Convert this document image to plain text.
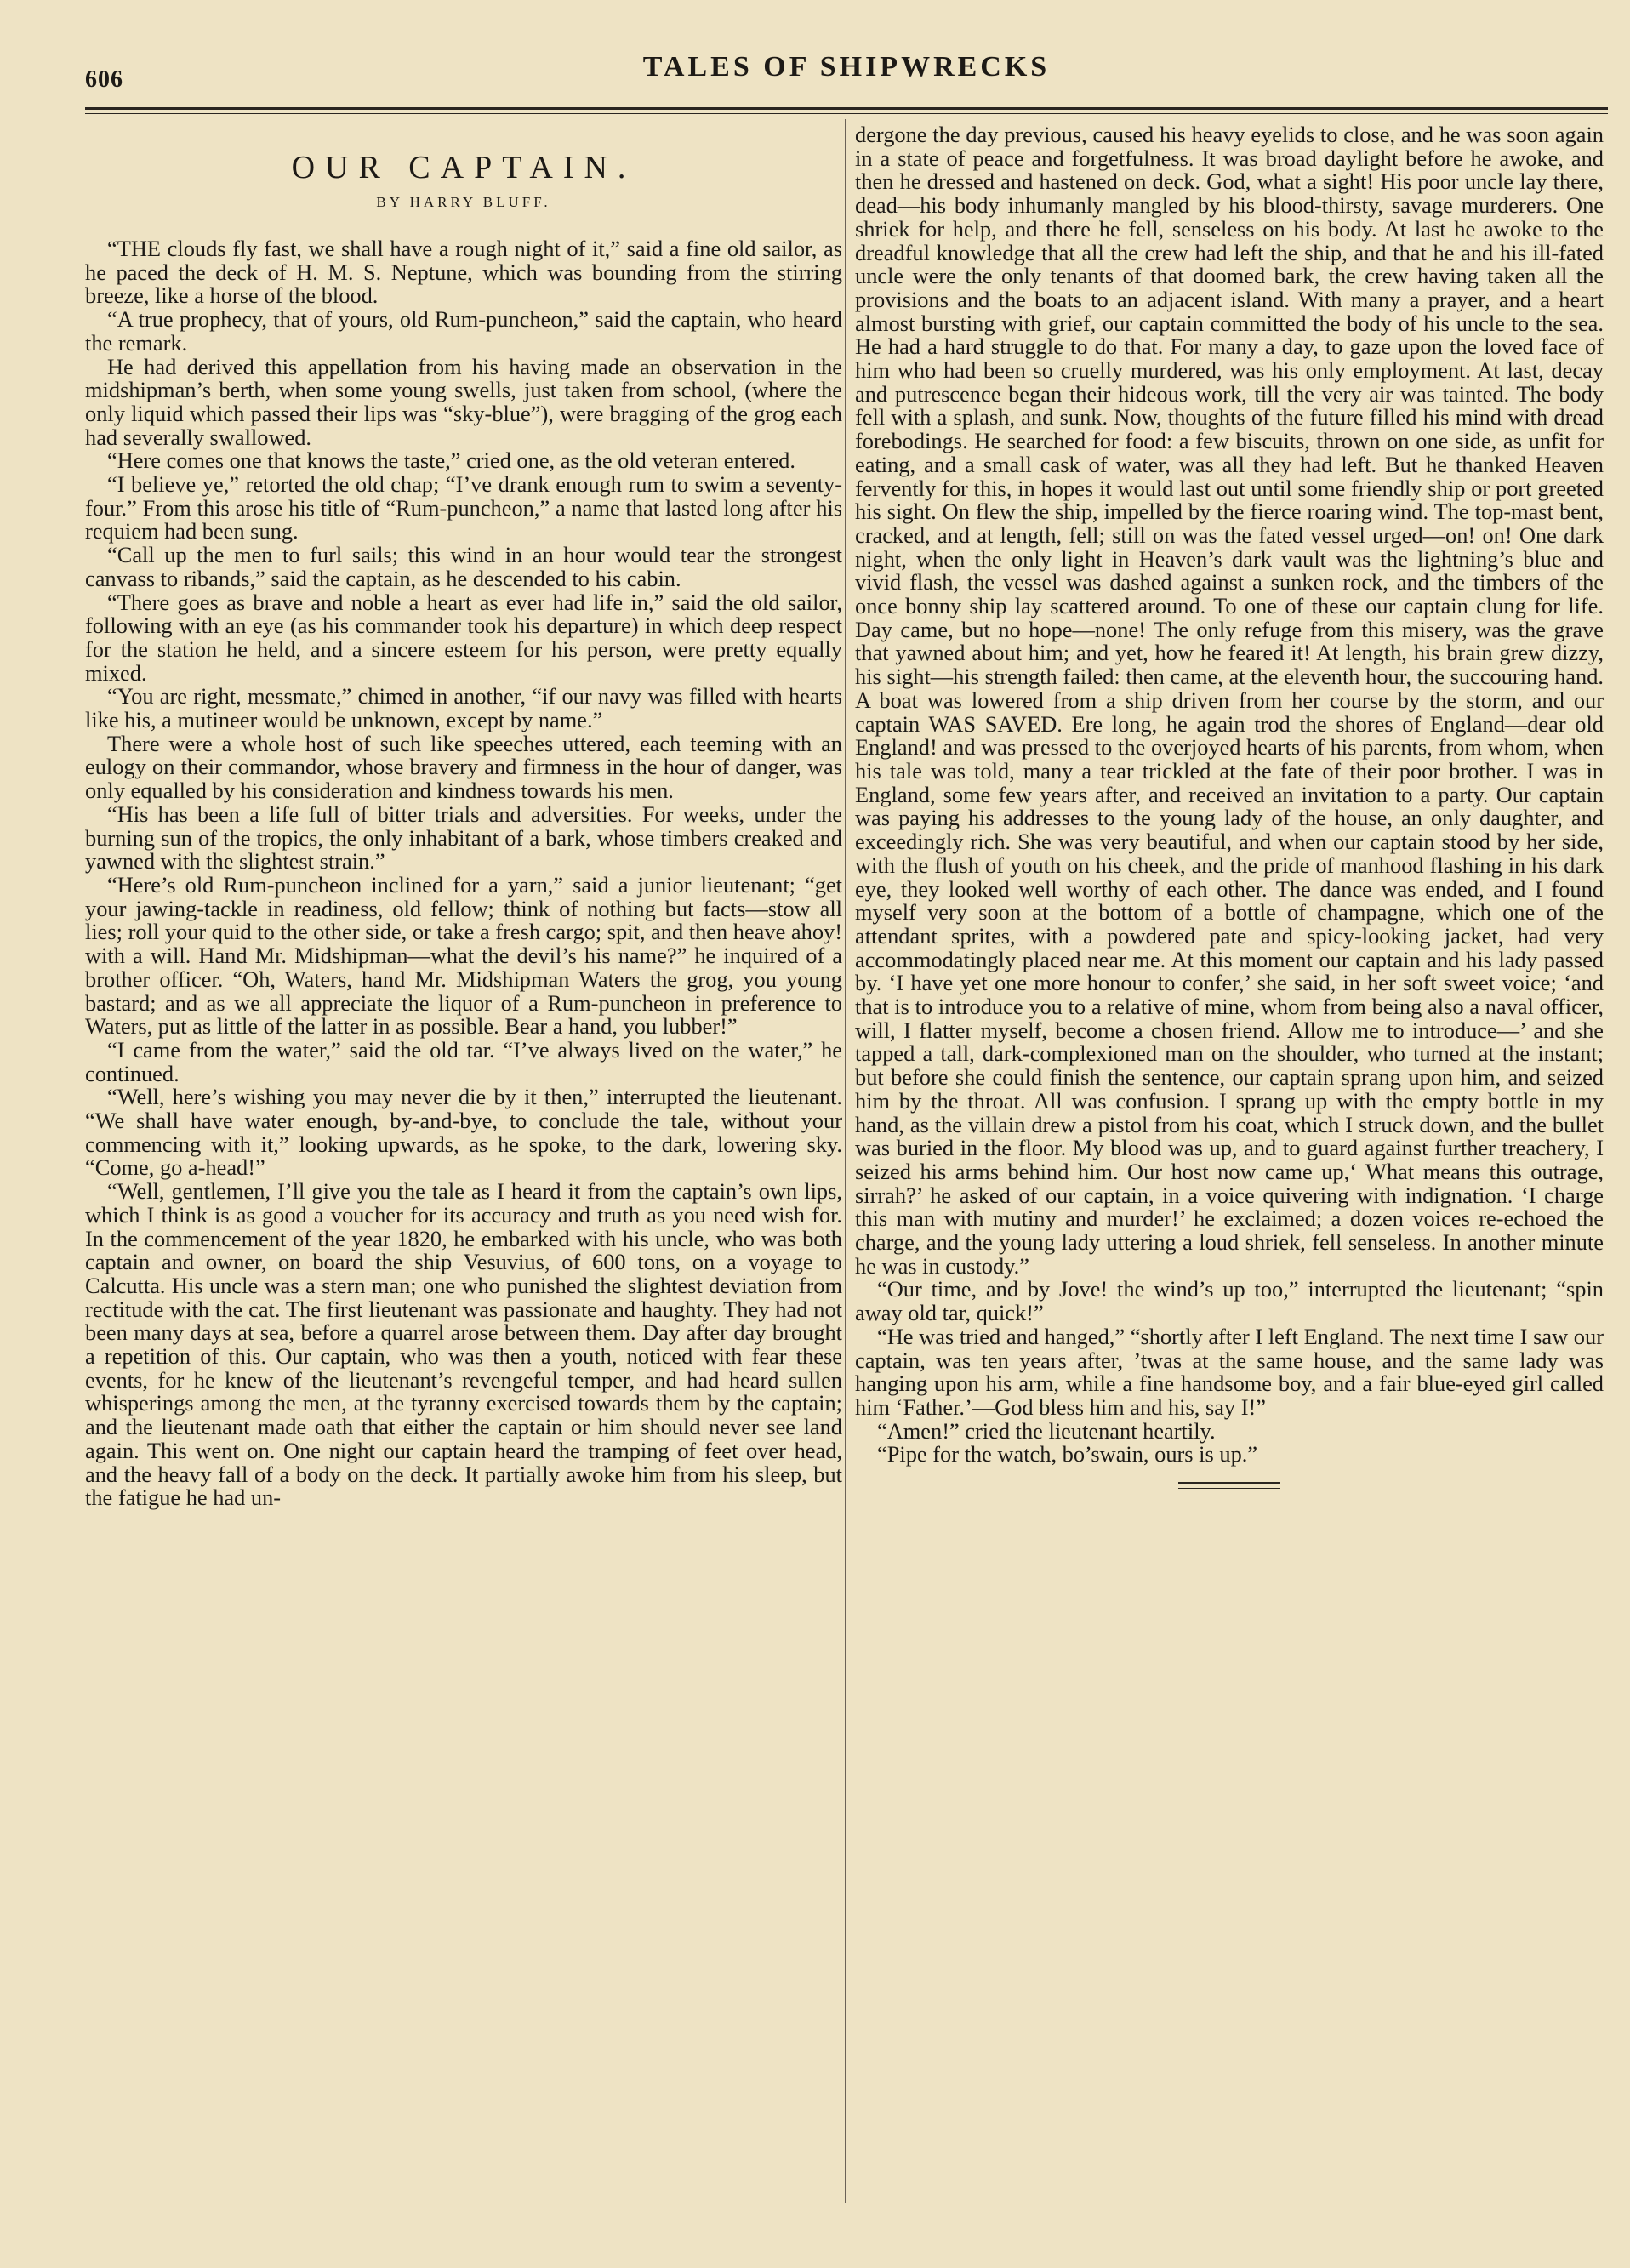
606	TALES OF SHIPWRECKS
OUR CAPTAIN.
BY HARRY BLUFF.

“THE clouds fly fast, we shall have a rough night of it,” said a fine old sailor, as he paced the deck of H. M. S. Neptune, which was bounding from the stirring breeze, like a horse of the blood.

“A true prophecy, that of yours, old Rum-puncheon,” said the captain, who heard the remark.

He had derived this appellation from his having made an observation in the midshipman’s berth, when some young swells, just taken from school, (where the only liquid which passed their lips was “sky-blue”), were bragging of the grog each had severally swallowed.

“Here comes one that knows the taste,” cried one, as the old veteran entered.

“I believe ye,” retorted the old chap; “I’ve drank enough rum to swim a seventy-four.” From this arose his title of “Rum-puncheon,” a name that lasted long after his requiem had been sung.

“Call up the men to furl sails; this wind in an hour would tear the strongest canvass to ribands,” said the captain, as he descended to his cabin.

“There goes as brave and noble a heart as ever had life in,” said the old sailor, following with an eye (as his commander took his departure) in which deep respect for the station he held, and a sincere esteem for his person, were pretty equally mixed.

“You are right, messmate,” chimed in another, “if our navy was filled with hearts like his, a mutineer would be unknown, except by name.”

There were a whole host of such like speeches uttered, each teeming with an eulogy on their commandor, whose bravery and firmness in the hour of danger, was only equalled by his consideration and kindness towards his men.

“His has been a life full of bitter trials and adversities. For weeks, under the burning sun of the tropics, the only inhabitant of a bark, whose timbers creaked and yawned with the slightest strain.”

“Here’s old Rum-puncheon inclined for a yarn,” said a junior lieutenant; “get your jawing-tackle in readiness, old fellow; think of nothing but facts—stow all lies; roll your quid to the other side, or take a fresh cargo; spit, and then heave ahoy! with a will. Hand Mr. Midshipman—what the devil’s his name?” he inquired of a brother officer. “Oh, Waters, hand Mr. Midshipman Waters the grog, you young bastard; and as we all appreciate the liquor of a Rum-puncheon in preference to Waters, put as little of the latter in as possible. Bear a hand, you lubber!”

“I came from the water,” said the old tar. “I’ve always lived on the water,” he continued.

“Well, here’s wishing you may never die by it then,” interrupted the lieutenant. “We shall have water enough, by-and-bye, to conclude the tale, without your commencing with it,” looking upwards, as he spoke, to the dark, lowering sky. “Come, go a-head!”

“Well, gentlemen, I’ll give you the tale as I heard it from the captain’s own lips, which I think is as good a voucher for its accuracy and truth as you need wish for. In the commencement of the year 1820, he embarked with his uncle, who was both captain and owner, on board the ship Vesuvius, of 600 tons, on a voyage to Calcutta. His uncle was a stern man; one who punished the slightest deviation from rectitude with the cat. The first lieutenant was passionate and haughty. They had not been many days at sea, before a quarrel arose between them. Day after day brought a repetition of this. Our captain, who was then a youth, noticed with fear these events, for he knew of the lieutenant’s revengeful temper, and had heard sullen whisperings among the men, at the tyranny exercised towards them by the captain; and the lieutenant made oath that either the captain or him should never see land again. This went on. One night our captain heard the tramping of feet over head, and the heavy fall of a body on the deck. It partially awoke him from his sleep, but the fatigue he had un-

dergone the day previous, caused his heavy eyelids to close, and he was soon again in a state of peace and forgetfulness. It was broad daylight before he awoke, and then he dressed and hastened on deck. God, what a sight! His poor uncle lay there, dead—his body inhumanly mangled by his blood-thirsty, savage murderers. One shriek for help, and there he fell, senseless on his body. At last he awoke to the dreadful knowledge that all the crew had left the ship, and that he and his ill-fated uncle were the only tenants of that doomed bark, the crew having taken all the provisions and the boats to an adjacent island. With many a prayer, and a heart almost bursting with grief, our captain committed the body of his uncle to the sea. He had a hard struggle to do that. For many a day, to gaze upon the loved face of him who had been so cruelly murdered, was his only employment. At last, decay and putrescence began their hideous work, till the very air was tainted. The body fell with a splash, and sunk. Now, thoughts of the future filled his mind with dread forebodings. He searched for food: a few biscuits, thrown on one side, as unfit for eating, and a small cask of water, was all they had left. But he thanked Heaven fervently for this, in hopes it would last out until some friendly ship or port greeted his sight. On flew the ship, impelled by the fierce roaring wind. The top-mast bent, cracked, and at length, fell; still on was the fated vessel urged—on! on! One dark night, when the only light in Heaven’s dark vault was the lightning’s blue and vivid flash, the vessel was dashed against a sunken rock, and the timbers of the once bonny ship lay scattered around. To one of these our captain clung for life. Day came, but no hope—none! The only refuge from this misery, was the grave that yawned about him; and yet, how he feared it! At length, his brain grew dizzy, his sight—his strength failed: then came, at the eleventh hour, the succouring hand. A boat was lowered from a ship driven from her course by the storm, and our captain WAS SAVED. Ere long, he again trod the shores of England—dear old England! and was pressed to the overjoyed hearts of his parents, from whom, when his tale was told, many a tear trickled at the fate of their poor brother. I was in England, some few years after, and received an invitation to a party. Our captain was paying his addresses to the young lady of the house, an only daughter, and exceedingly rich. She was very beautiful, and when our captain stood by her side, with the flush of youth on his cheek, and the pride of manhood flashing in his dark eye, they looked well worthy of each other. The dance was ended, and I found myself very soon at the bottom of a bottle of champagne, which one of the attendant sprites, with a powdered pate and spicy-looking jacket, had very accommodatingly placed near me. At this moment our captain and his lady passed by. ‘I have yet one more honour to confer,’ she said, in her soft sweet voice; ‘and that is to introduce you to a relative of mine, whom from being also a naval officer, will, I flatter myself, become a chosen friend. Allow me to introduce—’ and she tapped a tall, dark-complexioned man on the shoulder, who turned at the instant; but before she could finish the sentence, our captain sprang upon him, and seized him by the throat. All was confusion. I sprang up with the empty bottle in my hand, as the villain drew a pistol from his coat, which I struck down, and the bullet was buried in the floor. My blood was up, and to guard against further treachery, I seized his arms behind him. Our host now came up,‘ What means this outrage, sirrah?’ he asked of our captain, in a voice quivering with indignation. ‘I charge this man with mutiny and murder!’ he exclaimed; a dozen voices re-echoed the charge, and the young lady uttering a loud shriek, fell senseless. In another minute he was in custody.”

“Our time, and by Jove! the wind’s up too,” interrupted the lieutenant; “spin away old tar, quick!”

“He was tried and hanged,” “shortly after I left England. The next time I saw our captain, was ten years after, ’twas at the same house, and the same lady was hanging upon his arm, while a fine handsome boy, and a fair blue-eyed girl called him ‘Father.’—God bless him and his, say I!”

“Amen!” cried the lieutenant heartily.

“Pipe for the watch, bo’swain, ours is up.”
